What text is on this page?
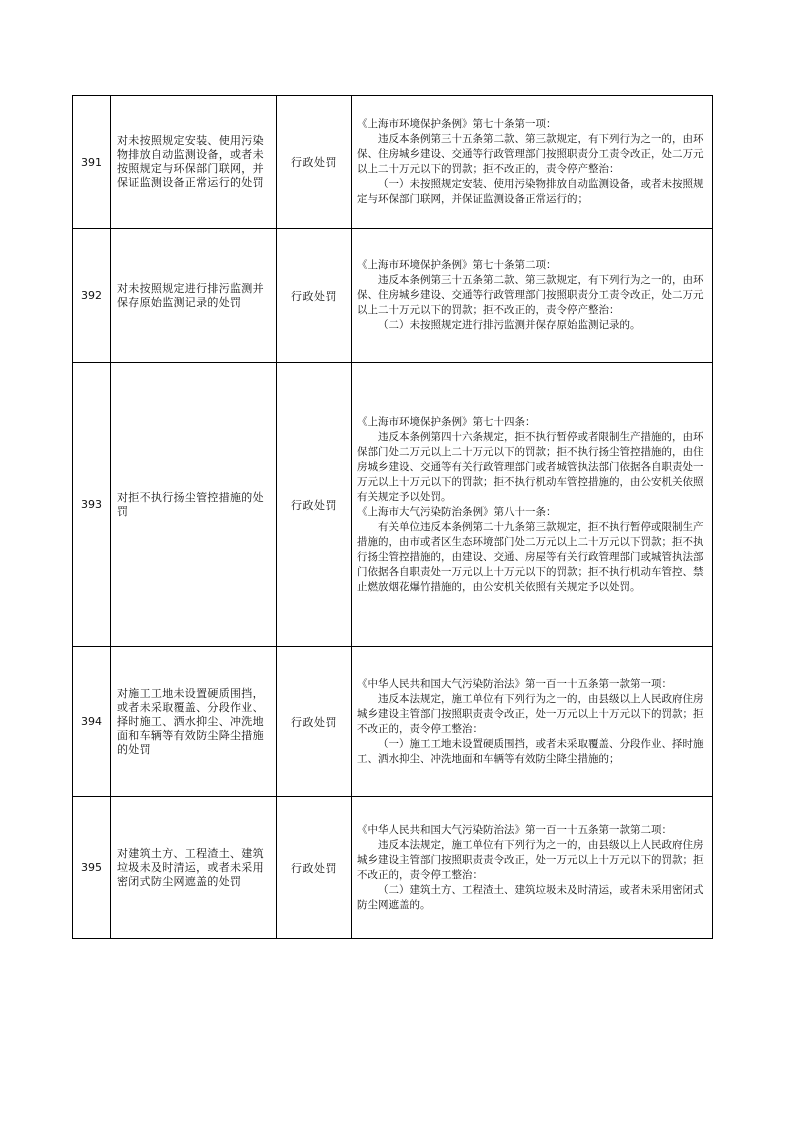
391	对未按照规定安装、使用污染物排放自动监测设备，或者未按照规定与环保部门联网，并保证监测设备正常运行的处罚	行政处罚	《上海市环境保护条例》第七十条第一项：

违反本条例第三十五条第二款、第三款规定，有下列行为之一的，由环保、住房城乡建设、交通等行政管理部门按照职责分工责令改正，处二万元以上二十万元以下的罚款；拒不改正的，责令停产整治：

（一）未按照规定安装、使用污染物排放自动监测设备，或者未按照规定与环保部门联网，并保证监测设备正常运行的；

392	对未按照规定进行排污监测并保存原始监测记录的处罚	行政处罚	《上海市环境保护条例》第七十条第二项：

违反本条例第三十五条第二款、第三款规定，有下列行为之一的，由环保、住房城乡建设、交通等行政管理部门按照职责分工责令改正，处二万元以上二十万元以下的罚款；拒不改正的，责令停产整治：

（二）未按照规定进行排污监测并保存原始监测记录的。

393	对拒不执行扬尘管控措施的处罚	行政处罚	《上海市环境保护条例》第七十四条：

违反本条例第四十六条规定，拒不执行暂停或者限制生产措施的，由环保部门处二万元以上二十万元以下的罚款；拒不执行扬尘管控措施的，由住房城乡建设、交通等有关行政管理部门或者城管执法部门依据各自职责处一万元以上十万元以下的罚款；拒不执行机动车管控措施的，由公安机关依照有关规定予以处罚。

《上海市大气污染防治条例》第八十一条：

有关单位违反本条例第二十九条第三款规定，拒不执行暂停或限制生产措施的，由市或者区生态环境部门处二万元以上二十万元以下罚款；拒不执行扬尘管控措施的，由建设、交通、房屋等有关行政管理部门或城管执法部门依据各自职责处一万元以上十万元以下的罚款；拒不执行机动车管控、禁止燃放烟花爆竹措施的，由公安机关依照有关规定予以处罚。

394	对施工工地未设置硬质围挡，或者未采取覆盖、分段作业、择时施工、洒水抑尘、冲洗地面和车辆等有效防尘降尘措施的处罚	行政处罚	《中华人民共和国大气污染防治法》第一百一十五条第一款第一项：

违反本法规定，施工单位有下列行为之一的，由县级以上人民政府住房城乡建设主管部门按照职责责令改正，处一万元以上十万元以下的罚款；拒不改正的，责令停工整治：

（一）施工工地未设置硬质围挡，或者未采取覆盖、分段作业、择时施工、洒水抑尘、冲洗地面和车辆等有效防尘降尘措施的；

395	对建筑土方、工程渣土、建筑垃圾未及时清运，或者未采用密闭式防尘网遮盖的处罚	行政处罚	《中华人民共和国大气污染防治法》第一百一十五条第一款第二项：

违反本法规定，施工单位有下列行为之一的，由县级以上人民政府住房城乡建设主管部门按照职责责令改正，处一万元以上十万元以下的罚款；拒不改正的，责令停工整治：

（二）建筑土方、工程渣土、建筑垃圾未及时清运，或者未采用密闭式防尘网遮盖的。
